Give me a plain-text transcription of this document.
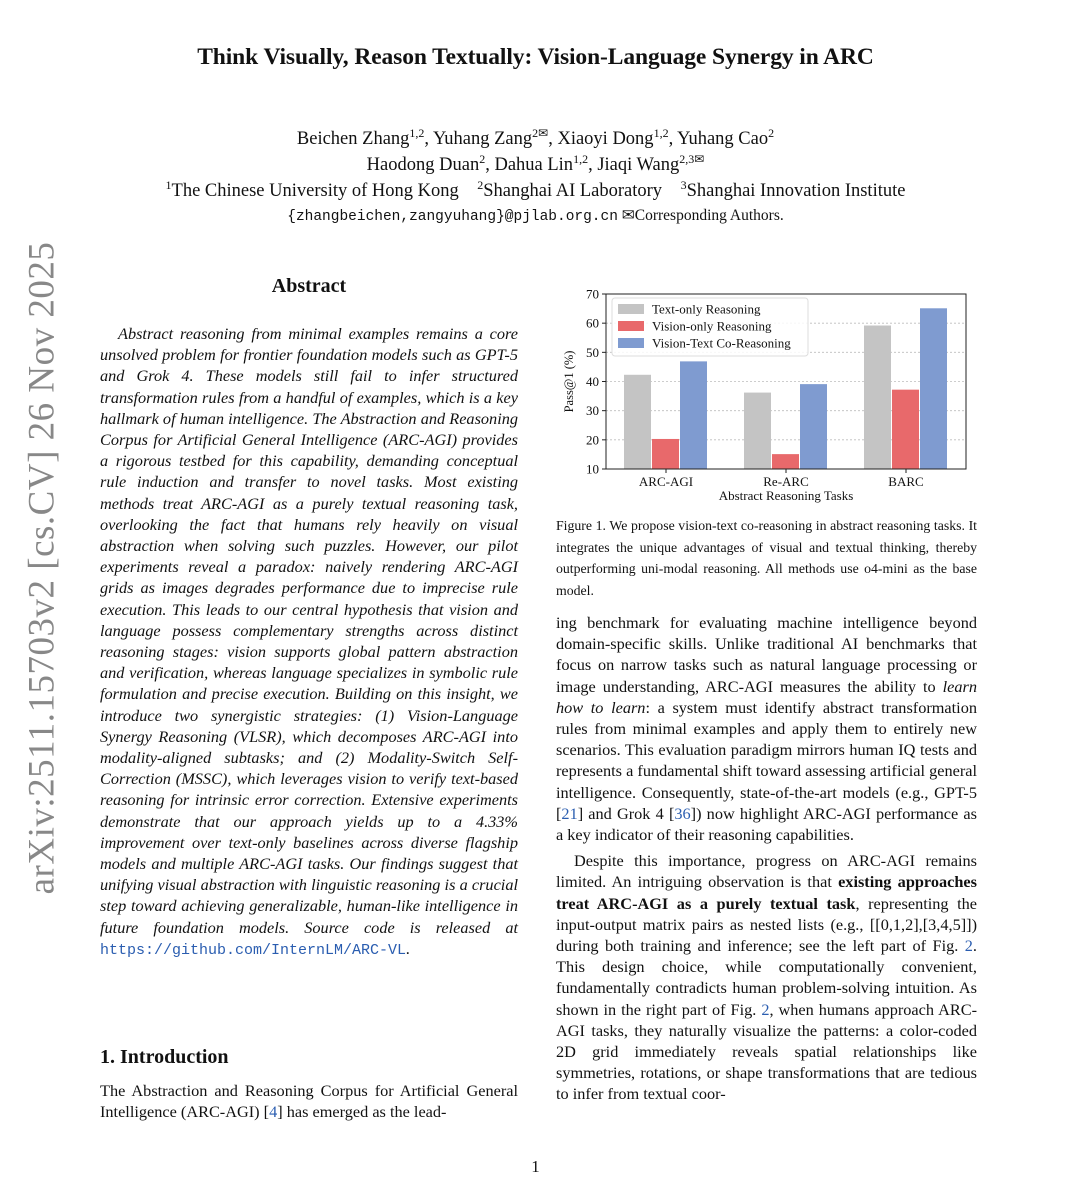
Think Visually, Reason Textually: Vision-Language Synergy in ARC
Beichen Zhang$^{1,2}$, Yuhang Zang$^{2✉}$, Xiaoyi Dong$^{1,2}$, Yuhang Cao$^2$
Haodong Duan$^2$, Dahua Lin$^{1,2}$, Jiaqi Wang$^{2,3✉}$
$^1$The Chinese University of Hong Kong $^2$Shanghai AI Laboratory $^3$Shanghai Innovation Institute
{zhangbeichen,zangyuhang}@pjlab.org.cn ✉Corresponding Authors.
arXiv:2511.15703v2 [cs.CV] 26 Nov 2025	Abstract
Abstract reasoning from minimal examples remains a core unsolved problem for frontier foundation models such as GPT-5 and Grok 4. These models still fail to infer structured transformation rules from a handful of examples, which is a key hallmark of human intelligence. The Abstraction and Reasoning Corpus for Artificial General Intelligence (ARC-AGI) provides a rigorous testbed for this capability, demanding conceptual rule induction and transfer to novel tasks. Most existing methods treat ARC-AGI as a purely textual reasoning task, overlooking the fact that humans rely heavily on visual abstraction when solving such puzzles. However, our pilot experiments reveal a paradox: naively rendering ARC-AGI grids as images degrades performance due to imprecise rule execution. This leads to our central hypothesis that vision and language possess complementary strengths across distinct reasoning stages: vision supports global pattern abstraction and verification, whereas language specializes in symbolic rule formulation and precise execution. Building on this insight, we introduce two synergistic strategies: (1) Vision-Language Synergy Reasoning (VLSR), which decomposes ARC-AGI into modality-aligned subtasks; and (2) Modality-Switch Self-Correction (MSSC), which leverages vision to verify text-based reasoning for intrinsic error correction. Extensive experiments demonstrate that our approach yields up to a 4.33% improvement over text-only baselines across diverse flagship models and multiple ARC-AGI tasks. Our findings suggest that unifying visual abstraction with linguistic reasoning is a crucial step toward achieving generalizable, human-like intelligence in future foundation models. Source code is released at https://github.com/InternLM/ARC-VL.
1. Introduction
The Abstraction and Reasoning Corpus for Artificial General Intelligence (ARC-AGI) [4] has emerged as the lead-
10
20
30
40
50
60
70
ARC-AGI	Re-ARC	BARC
Text-only Reasoning
Vision-only Reasoning
Vision-Text Co-Reasoning
Pass@1 (%)
Abstract Reasoning Tasks
Figure 1. We propose vision-text co-reasoning in abstract reasoning tasks. It integrates the unique advantages of visual and textual thinking, thereby outperforming uni-modal reasoning. All methods use o4-mini as the base model.

ing benchmark for evaluating machine intelligence beyond domain-specific skills. Unlike traditional AI benchmarks that focus on narrow tasks such as natural language processing or image understanding, ARC-AGI measures the ability to learn how to learn: a system must identify abstract transformation rules from minimal examples and apply them to entirely new scenarios. This evaluation paradigm mirrors human IQ tests and represents a fundamental shift toward assessing artificial general intelligence. Consequently, state-of-the-art models (e.g., GPT-5 [21] and Grok 4 [36]) now highlight ARC-AGI performance as a key indicator of their reasoning capabilities.

Despite this importance, progress on ARC-AGI remains limited. An intriguing observation is that existing approaches treat ARC-AGI as a purely textual task, representing the input-output matrix pairs as nested lists (e.g., [[0,1,2],[3,4,5]]) during both training and inference; see the left part of Fig. 2. This design choice, while computationally convenient, fundamentally contradicts human problem-solving intuition. As shown in the right part of Fig. 2, when humans approach ARC-AGI tasks, they naturally visualize the patterns: a color-coded 2D grid immediately reveals spatial relationships like symmetries, rotations, or shape transformations that are tedious to infer from textual coor-

1
